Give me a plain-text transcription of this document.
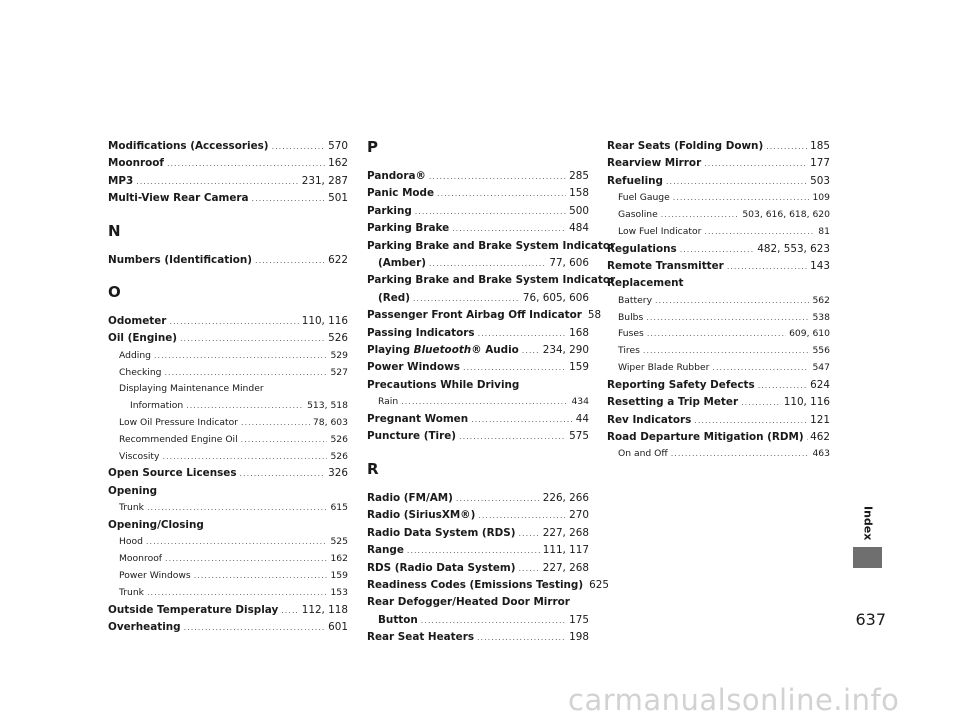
Modifications (Accessories) .....	570
Moonroof .....	162
MP3 .....	231, 287
Multi-View Rear Camera .....	501
N
Numbers (Identification) .....	622
O
Odometer .....	110, 116
Oil (Engine) .....	526
Adding .....	529
Checking .....	527
Displaying Maintenance Minder
Information .....	513, 518
Low Oil Pressure Indicator .....	78, 603
Recommended Engine Oil .....	526
Viscosity .....	526
Open Source Licenses .....	326
Opening
Trunk .....	615
Opening/Closing
Hood .....	525
Moonroof .....	162
Power Windows .....	159
Trunk .....	153
Outside Temperature Display ..... 112, 118
Overheating .....	601
P
Pandora® .....	285
Panic Mode .....	158
Parking .....	500
Parking Brake .....	484
Parking Brake and Brake System Indicator
(Amber) .....	77, 606
Parking Brake and Brake System Indicator
(Red) .....	76, 605, 606
Passenger Front Airbag Off Indicator 58
Passing Indicators .....	168
Playing Bluetooth® Audio ..... 234, 290
Power Windows .....	159
Precautions While Driving
Rain .....	434
Pregnant Women .....	44
Puncture (Tire) .....	575
R
Radio (FM/AM) .....	226, 266
Radio (SiriusXM®) .....	270
Radio Data System (RDS) .....	227, 268
Range .....	111, 117
RDS (Radio Data System) .....	227, 268
Readiness Codes (Emissions Testing) 625
Rear Defogger/Heated Door Mirror
Button .....	175
Rear Seat Heaters .....	198
Rear Seats (Folding Down) .....	185
Rearview Mirror .....	177
Refueling .....	503
Fuel Gauge .....	109
Gasoline .....	503, 616, 618, 620
Low Fuel Indicator .....	81
Regulations .....	482, 553, 623
Remote Transmitter .....	143
Replacement
Battery .....	562
Bulbs .....	538
Fuses .....	609, 610
Tires .....	556
Wiper Blade Rubber .....	547
Reporting Safety Defects .....	624
Resetting a Trip Meter .....	110, 116
Rev Indicators .....	121
Road Departure Mitigation (RDM) ..... 462
On and Off .....	463
Index
637
carmanualsonline.info
